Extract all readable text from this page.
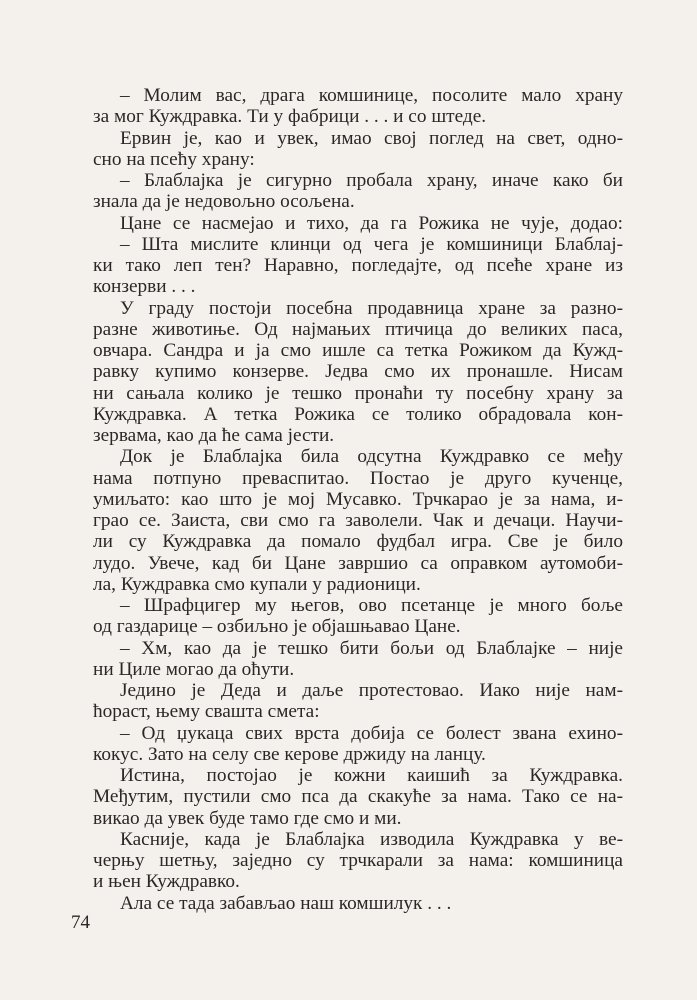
– Молим вас, драга комшинице, посолите мало храну
за мог Куждравка. Ти у фабрици . . . и со штеде.
Ервин је, као и увек, имао свој поглед на свет, одно-
сно на псећу храну:
– Блаблајка је сигурно пробала храну, иначе како би
знала да је недовољно осољена.
Цане се насмејао и тихо, да га Рожика не чује, додао:
– Шта мислите клинци од чега је комшиници Блаблај-
ки тако леп тен? Наравно, погледајте, од псеће хране из
конзерви . . .
У граду постоји посебна продавница хране за разно-
разне животиње. Од најмањих птичица до великих паса,
овчара. Сандра и ја смо ишле са тетка Рожиком да Кужд-
равку купимо конзерве. Једва смо их пронашле. Нисам
ни сањала колико је тешко пронаћи ту посебну храну за
Куждравка. А тетка Рожика се толико обрадовала кон-
зервама, као да ће сама јести.
Док је Блаблајка била одсутна Куждравко се међу
нама потпуно превaспитао. Постао је другo кученце,
умиљато: као што је мој Мусавко. Трчкарао је за нама, и-
грао се. Заиста, сви смо га заволели. Чак и дечаци. Научи-
ли су Куждравка да помало фудбал игра. Све је било
лудо. Увече, кад би Цане завршио са оправком аутомоби-
ла, Куждравка смо купали у радионици.
– Шрафцигер му његов, ово псетанце је много боље
од газдарице – озбиљно је објашњавао Цане.
– Хм, као да је тешко бити бољи од Блаблајке – није
ни Циле могао да оћути.
Једино је Деда и даље протестовао. Иако није нам-
ћораст, њему свашта смета:
– Од џукаца свих врста добија се болест звана ехино-
кокус. Зато на селу све керове држиду на ланцу.
Истина, постојао је кожни каишић за Куждравка.
Међутим, пустили смо пса да скакуће за нама. Тако се на-
викао да увек буде тамо где смо и ми.
Касније, када је Блаблајка изводила Куждравка у ве-
черњу шетњу, заједно су трчкарали за нама: комшиница
и њен Куждравко.
Ала се тада забављао наш комшилук . . .
74
